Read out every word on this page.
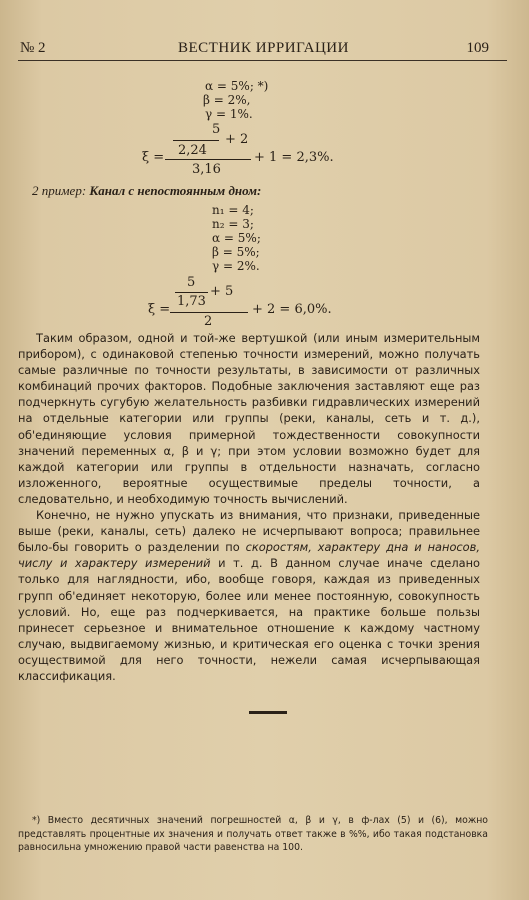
№ 2	ВЕСТНИК ИРРИГАЦИИ	109
α = 5%; *)
β = 2%,
γ = 1%.
5
2,24
+ 2
ξ =
3,16
+ 1 = 2,3%.
2 пример: Канал с непостоянным дном:
n₁ = 4;
n₂ = 3;
α = 5%;
β = 5%;
γ = 2%.
5
1,73
+ 5
ξ =
2
+ 2 = 6,0%.

Таким образом, одной и той-же вертушкой (или иным измерительным прибором), с одинаковой степенью точности измерений, можно получать самые различные по точности результаты, в зависимости от различных комбинаций прочих факторов. Подобные заключения заставляют еще раз подчеркнуть сугубую желательность разбивки гидравлических измерений на отдельные категории или группы (реки, каналы, сеть и т. д.), об'единяющие условия примерной тождественности совокупности значений переменных α, β и γ; при этом условии возможно будет для каждой категории или группы в отдельности назначать, согласно изложенного, вероятные осуществимые пределы точности, а следовательно, и необходимую точность вычислений.

Конечно, не нужно упускать из внимания, что признаки, приведенные выше (реки, каналы, сеть) далеко не исчерпывают вопроса; правильнее было-бы говорить о разделении по скоростям, характеру дна и наносов, числу и характеру измерений и т. д. В данном случае иначе сделано только для наглядности, ибо, вообще говоря, каждая из приведенных групп об'единяет некоторую, более или менее постоянную, совокупность условий. Но, еще раз подчеркивается, на практике больше пользы принесет серьезное и внимательное отношение к каждому частному случаю, выдвигаемому жизнью, и критическая его оценка с точки зрения осуществимой для него точности, нежели самая исчерпывающая классификация.

*) Вместо десятичных значений погрешностей α, β и γ, в ф-лах (5) и (6), можно представлять процентные их значения и получать ответ также в %%, ибо такая подстановка равносильна умножению правой части равенства на 100.
